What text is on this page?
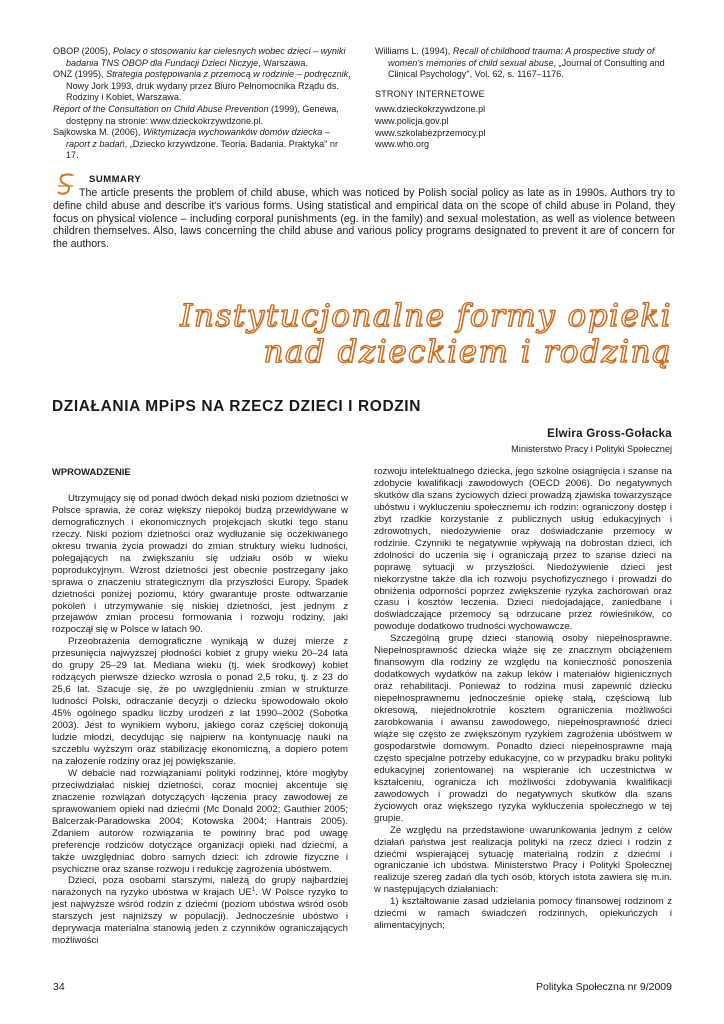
OBOP (2005), Polacy o stosowaniu kar cielesnych wobec dzieci – wyniki badania TNS OBOP dla Fundacji Dzieci Niczyje, Warszawa.

ONZ (1995), Strategia postępowania z przemocą w rodzinie – podręcznik, Nowy Jork 1993, druk wydany przez Biuro Pełnomocnika Rządu ds. Rodziny i Kobiet, Warszawa.

Report of the Consultation on Child Abuse Prevention (1999), Genewa, dostępny na stronie: www.dzieckokrzywdzone.pl.

Sajkowska M. (2006), Wiktymizacja wychowanków domów dziecka – raport z badań, „Dziecko krzywdzone. Teoria. Badania. Praktyka" nr 17.

Williams L. (1994), Recall of childhood trauma: A prospective study of women's memories of child sexual abuse, „Journal of Consulting and Clinical Psychology", Vol. 62, s. 1167–1176.

STRONY INTERNETOWE

www.dzieckokrzywdzone.pl

www.policja.gov.pl

www.szkolabezprzemocy.pl

www.who.org

SUMMARY
The article presents the problem of child abuse, which was noticed by Polish social policy as late as in 1990s. Authors try to define child abuse and describe it's various forms. Using statistical and empirical data on the scope of child abuse in Poland, they focus on physical violence – including corporal punishments (eg. in the family) and sexual molestation, as well as violence between children themselves. Also, laws concerning the child abuse and various policy programs designated to prevent it are of concern for the authors.
Instytucjonalne formy opieki
nad dzieckiem i rodziną
DZIAŁANIA MPiPS NA RZECZ DZIECI I RODZIN
Elwira Gross-Gołacka
Ministerstwo Pracy i Polityki Społecznej

WPROWADZENIE

Utrzymujący się od ponad dwóch dekad niski poziom dzietności w Polsce sprawia, że coraz większy niepokój budzą przewidywane w demograficznych i ekonomicznych projekcjach skutki tego stanu rzeczy. Niski poziom dzietności oraz wydłużanie się oczekiwanego okresu trwania życia prowadzi do zmian struktury wieku ludności, polegających na zwiększaniu się udziału osób w wieku poprodukcyjnym. Wzrost dzietności jest obecnie postrzegany jako sprawa o znaczeniu strategicznym dla przyszłości Europy. Spadek dzietności poniżej poziomu, który gwarantuje proste odtwarzanie pokoleń i utrzymywanie się niskiej dzietności, jest jednym z przejawów zmian procesu formowania i rozwoju rodziny, jaki rozpoczął się w Polsce w latach 90.

Przeobrażenia demograficzne wynikają w dużej mierze z przesunięcia najwyższej płodności kobiet z grupy wieku 20–24 lata do grupy 25–29 lat. Mediana wieku (tj. wiek środkowy) kobiet rodzących pierwsze dziecko wzrosła o ponad 2,5 roku, tj. z 23 do 25,6 lat. Szacuje się, że po uwzględnieniu zmian w strukturze ludności Polski, odraczanie decyzji o dziecku spowodowało około 45% ogólnego spadku liczby urodzeń z lat 1990–2002 (Sobotka 2003). Jest to wynikiem wyboru, jakiego coraz częściej dokonują ludzie młodzi, decydując się najpierw na kontynuację nauki na szczeblu wyższym oraz stabilizację ekonomiczną, a dopiero potem na założenie rodziny oraz jej powiększanie.

W debacie nad rozwiązaniami polityki rodzinnej, które mogłyby przeciwdziałać niskiej dzietności, coraz mocniej akcentuje się znaczenie rozwiązań dotyczących łączenia pracy zawodowej ze sprawowaniem opieki nad dziećmi (Mc Donald 2002; Gauthier 2005; Balcerzak-Paradowska 2004; Kotowska 2004; Hantrais 2005). Zdaniem autorów rozwiązania te powinny brać pod uwagę preferencje rodziców dotyczące organizacji opieki nad dziećmi, a także uwzględniać dobro samych dzieci: ich zdrowie fizyczne i psychiczne oraz szanse rozwoju i redukcję zagrożenia ubóstwem.

Dzieci, poza osobami starszymi, należą do grupy najbardziej narażonych na ryzyko ubóstwa w krajach $UE^1$. W Polsce ryzyko to jest najwyższe wśród rodzin z dziećmi (poziom ubóstwa wśród osób starszych jest najniższy w populacji). Jednocześnie ubóstwo i deprywacja materialna stanowią jeden z czynników ograniczających możliwości

rozwoju intelektualnego dziecka, jego szkolne osiągnięcia i szanse na zdobycie kwalifikacji zawodowych (OECD 2006). Do negatywnych skutków dla szans życiowych dzieci prowadzą zjawiska towarzyszące ubóstwu i wykluczeniu społecznemu ich rodzin: ograniczony dostęp i zbyt rzadkie korzystanie z publicznych usług edukacyjnych i zdrowotnych, niedożywienie oraz doświadczanie przemocy w rodzinie. Czynniki te negatywnie wpływają na dobrostan dzieci, ich zdolności do uczenia się i ograniczają przez to szanse dzieci na poprawę sytuacji w przyszłości. Niedożywienie dzieci jest niekorzystne także dla ich rozwoju psychofizycznego i prowadzi do obniżenia odporności poprzez zwiększenie ryzyka zachorowań oraz czasu i kosztów leczenia. Dzieci niedojadające, zaniedbane i doświadczające przemocy są odrzucane przez rówieśników, co powoduje dodatkowo trudności wychowawcze.

Szczególną grupę dzieci stanowią osoby niepełnosprawne. Niepełnosprawność dziecka wiąże się ze znacznym obciążeniem finansowym dla rodziny ze względu na konieczność ponoszenia dodatkowych wydatków na zakup leków i materiałów higienicznych oraz rehabilitacji. Ponieważ to rodzina musi zapewnić dziecku niepełnosprawnemu jednocześnie opiekę stałą, częściową lub okresową, niejednokrotnie kosztem ograniczenia możliwości zarobkowania i awansu zawodowego, niepełnosprawność dzieci wiąże się często ze zwiększonym ryzykiem zagrożenia ubóstwem w gospodarstwie domowym. Ponadto dzieci niepełnosprawne mają często specjalne potrzeby edukacyjne, co w przypadku braku polityki edukacyjnej zorientowanej na wspieranie ich uczestnictwa w kształceniu, ogranicza ich możliwości zdobywania kwalifikacji zawodowych i prowadzi do negatywnych skutków dla szans życiowych oraz większego ryzyka wykluczenia społecznego w tej grupie.

Ze względu na przedstawione uwarunkowania jednym z celów działań państwa jest realizacja polityki na rzecz dzieci i rodzin z dziećmi wspierającej sytuację materialną rodzin z dziećmi i ograniczanie ich ubóstwa. Ministerstwo Pracy i Polityki Społecznej realizuje szereg zadań dla tych osób, których istota zawiera się m.in. w następujących działaniach:

1) kształtowanie zasad udzielania pomocy finansowej rodzinom z dziećmi w ramach świadczeń rodzinnych, opiekuńczych i alimentacyjnych;

34	Polityka Społeczna nr 9/2009
